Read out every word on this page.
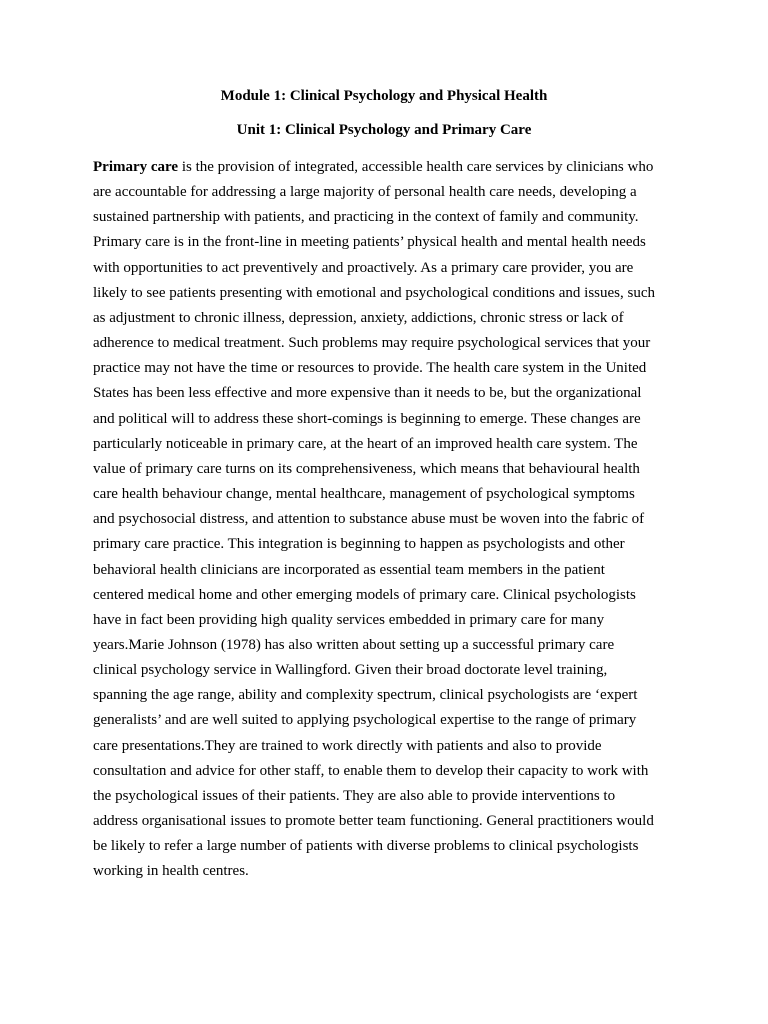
Module 1: Clinical Psychology and Physical Health
Unit 1: Clinical Psychology and Primary Care

Primary care is the provision of integrated, accessible health care services by clinicians who
are accountable for addressing a large majority of personal health care needs, developing a
sustained partnership with patients, and practicing in the context of family and community.
Primary care is in the front-line in meeting patients’ physical health and mental health needs
with opportunities to act preventively and proactively. As a primary care provider, you are
likely to see patients presenting with emotional and psychological conditions and issues, such
as adjustment to chronic illness, depression, anxiety, addictions, chronic stress or lack of
adherence to medical treatment. Such problems may require psychological services that your
practice may not have the time or resources to provide. The health care system in the United
States has been less effective and more expensive than it needs to be, but the organizational
and political will to address these short-comings is beginning to emerge. These changes are
particularly noticeable in primary care, at the heart of an improved health care system. The
value of primary care turns on its comprehensiveness, which means that behavioural health
care health behaviour change, mental healthcare, management of psychological symptoms
and psychosocial distress, and attention to substance abuse must be woven into the fabric of
primary care practice. This integration is beginning to happen as psychologists and other
behavioral health clinicians are incorporated as essential team members in the patient
centered medical home and other emerging models of primary care. Clinical psychologists
have in fact been providing high quality services embedded in primary care for many
years.Marie Johnson (1978) has also written about setting up a successful primary care
clinical psychology service in Wallingford. Given their broad doctorate level training,
spanning the age range, ability and complexity spectrum, clinical psychologists are ‘expert
generalists’ and are well suited to applying psychological expertise to the range of primary
care presentations.They are trained to work directly with patients and also to provide
consultation and advice for other staff, to enable them to develop their capacity to work with
the psychological issues of their patients. They are also able to provide interventions to
address organisational issues to promote better team functioning. General practitioners would
be likely to refer a large number of patients with diverse problems to clinical psychologists
working in health centres.
